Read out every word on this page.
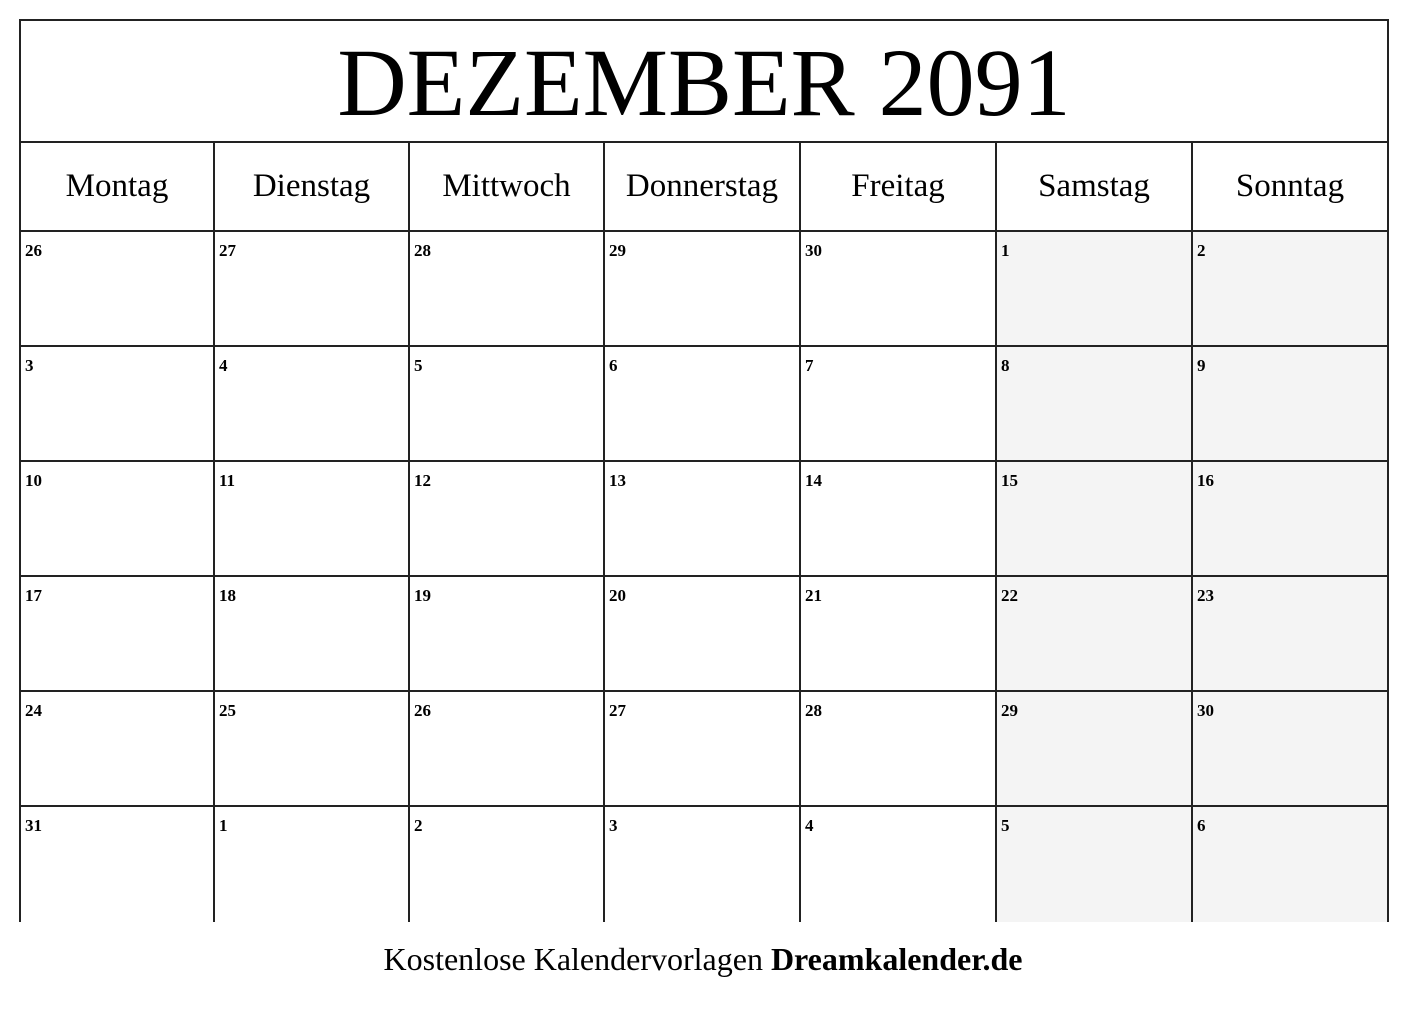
DEZEMBER 2091
Montag	Dienstag	Mittwoch	Donnerstag	Freitag	Samstag	Sonntag
26	27	28	29	30	1	2
3	4	5	6	7	8	9
10	11	12	13	14	15	16
17	18	19	20	21	22	23
24	25	26	27	28	29	30
31	1	2	3	4	5	6
Kostenlose Kalendervorlagen Dreamkalender.de
